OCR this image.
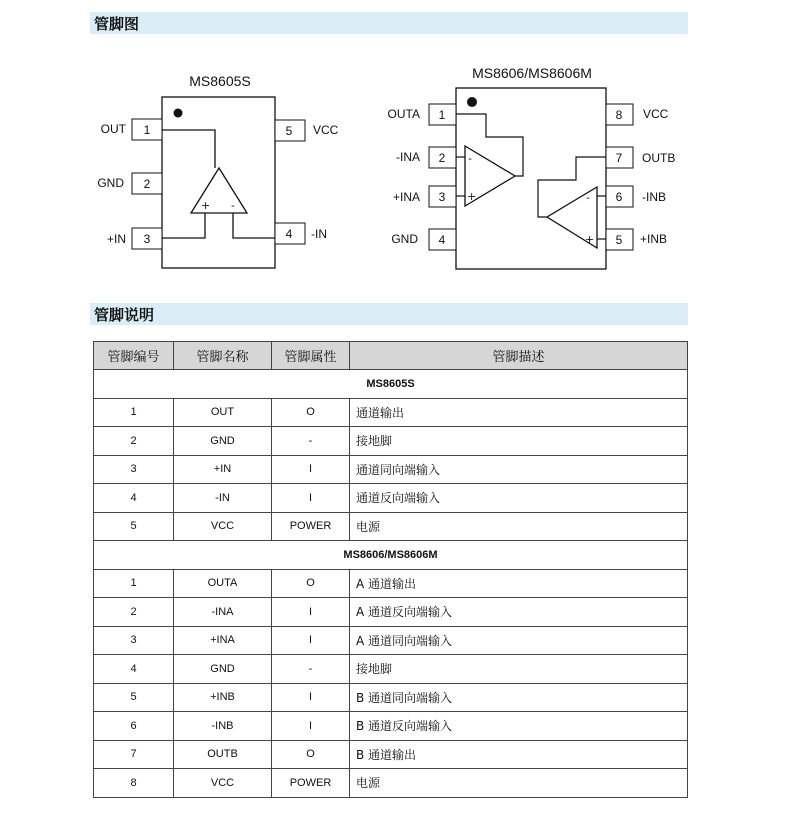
管脚图
MS8605S
1
OUT
2
GND
3
+IN	4 -IN
5 VCC
+ -
MS8606/MS8606M
1
OUTA
2
-INA
3
+INA
4
GND
8 VCC
7 OUTB
6 -INB
5 +INB
-
+	-
+
管脚说明
管脚编号	管脚名称	管脚属性	管脚描述
MS8605S			
1	OUT	O	通道输出
2	GND	-	接地脚
3	+IN	I	通道同向端输入
4	-IN	I	通道反向端输入
5	VCC	POWER	电源
MS8606/MS8606M			
1	OUTA	O	A 通道输出
2	-INA	I	A 通道反向端输入
3	+INA	I	A 通道同向端输入
4	GND	-	接地脚
5	+INB	I	B 通道同向端输入
6	-INB	I	B 通道反向端输入
7	OUTB	O	B 通道输出
8	VCC	POWER	电源
